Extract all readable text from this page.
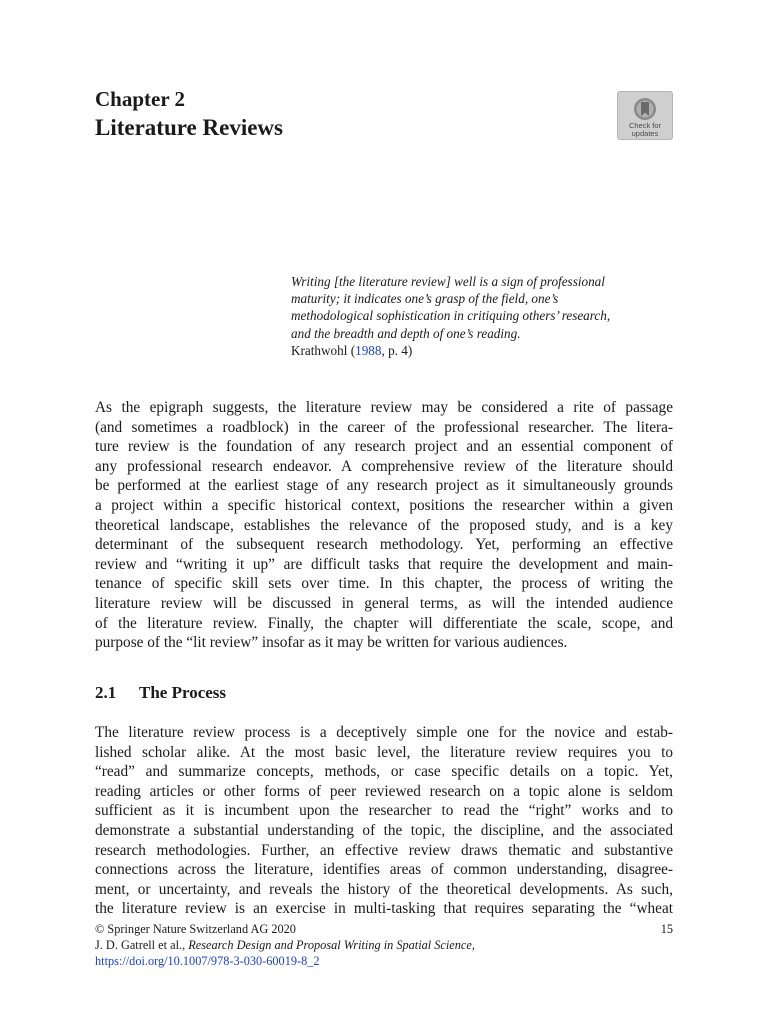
Chapter 2
Literature Reviews	Check for
updates
Writing [the literature review] well is a sign of professional
maturity; it indicates one’s grasp of the field, one’s
methodological sophistication in critiquing others’ research,
and the breadth and depth of one’s reading.
Krathwohl (1988, p. 4)
As the epigraph suggests, the literature review may be considered a rite of passage
(and sometimes a roadblock) in the career of the professional researcher. The litera-
ture review is the foundation of any research project and an essential component of
any professional research endeavor. A comprehensive review of the literature should
be performed at the earliest stage of any research project as it simultaneously grounds
a project within a specific historical context, positions the researcher within a given
theoretical landscape, establishes the relevance of the proposed study, and is a key
determinant of the subsequent research methodology. Yet, performing an effective
review and “writing it up” are difficult tasks that require the development and main-
tenance of specific skill sets over time. In this chapter, the process of writing the
literature review will be discussed in general terms, as will the intended audience
of the literature review. Finally, the chapter will differentiate the scale, scope, and
purpose of the “lit review” insofar as it may be written for various audiences.
2.1 The Process
The literature review process is a deceptively simple one for the novice and estab-
lished scholar alike. At the most basic level, the literature review requires you to
“read” and summarize concepts, methods, or case specific details on a topic. Yet,
reading articles or other forms of peer reviewed research on a topic alone is seldom
sufficient as it is incumbent upon the researcher to read the “right” works and to
demonstrate a substantial understanding of the topic, the discipline, and the associated
research methodologies. Further, an effective review draws thematic and substantive
connections across the literature, identifies areas of common understanding, disagree-
ment, or uncertainty, and reveals the history of the theoretical developments. As such,
the literature review is an exercise in multi-tasking that requires separating the “wheat
© Springer Nature Switzerland AG 2020
J. D. Gatrell et al., Research Design and Proposal Writing in Spatial Science,
https://doi.org/10.1007/978-3-030-60019-8_2
15
